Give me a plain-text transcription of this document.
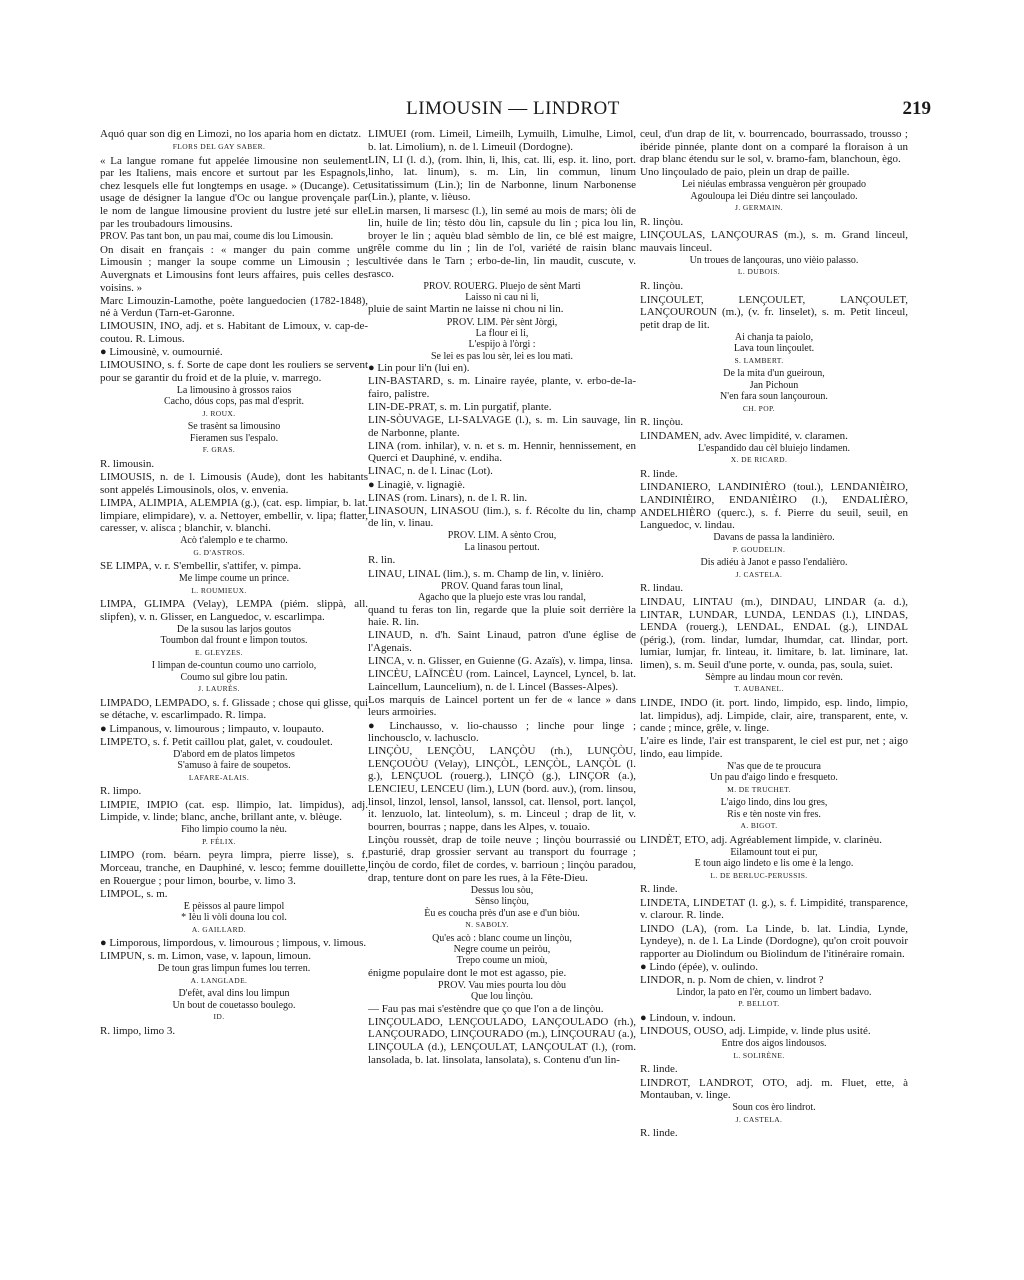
LIMOUSIN — LINDROT	219

Aquó quar son dig en Limozi, no los aparia hom en dictatz.

FLORS DEL GAY SABER.

« La langue romane fut appelée limousine non seulement par les Italiens, mais encore et surtout par les Espagnols, chez lesquels elle fut longtemps en usage. » (Ducange). Cet usage de désigner la langue d'Oc ou langue provençale par le nom de langue limousine provient du lustre jeté sur elle par les troubadours limousins.

PROV. Pas tant bon, un pau mai, coume dis lou Limousin.

On disait en français : « manger du pain comme un Limousin ; manger la soupe comme un Limousin ; les Auvergnats et Limousins font leurs affaires, puis celles des voisins. »

Marc Limouzin-Lamothe, poète languedocien (1782-1848), né à Verdun (Tarn-et-Garonne.

LIMOUSIN, INO, adj. et s. Habitant de Limoux, v. cap-de-coutou. R. Limous.

● Limousinè, v. oumournié.

LIMOUSINO, s. f. Sorte de cape dont les rouliers se servent pour se garantir du froid et de la pluie, v. marrego.

La limousino à grossos raios

Cacho, dóus cops, pas mal d'esprit.

J. ROUX.

Se trasènt sa limousino

Fieramen sus l'espalo.

F. GRAS.

R. limousin.

LIMOUSIS, n. de l. Limousis (Aude), dont les habitants sont appelés Limousinols, olos, v. envenia.

LIMPA, ALIMPIA, ALEMPIA (g.), (cat. esp. limpiar, b. lat. limpiare, elimpidare), v. a. Nettoyer, embellir, v. lipa; flatter, caresser, v. alisca ; blanchir, v. blanchi.

Acò t'alemplo e te charmo.

G. D'ASTROS.

SE LIMPA, v. r. S'embellir, s'attifer, v. pimpa.

Me limpe coume un prince.

L. ROUMIEUX.

LIMPA, GLIMPA (Velay), LEMPA (piém. slippà, all. slipfen), v. n. Glisser, en Languedoc, v. escarlimpa.

De la susou las larjos goutos

Toumbon dal frount e limpon toutos.

E. GLEYZES.

I limpan de-countun coumo uno carriolo,

Coumo sul gibre lou patin.

J. LAURÈS.

LIMPADO, LEMPADO, s. f. Glissade ; chose qui glisse, qui se détache, v. escarlimpado. R. limpa.

● Limpanous, v. limourous ; limpauto, v. loupauto.

LIMPETO, s. f. Petit caillou plat, galet, v. coudoulet.

D'abord em de platos limpetos

S'amuso à faire de soupetos.

LAFARE-ALAIS.

R. limpo.

LIMPIE, IMPIO (cat. esp. llimpio, lat. limpidus), adj. Limpide, v. linde; blanc, anche, brillant ante, v. blèuge.

Fiho limpio coumo la nèu.

P. FÉLIX.

LIMPO (rom. béarn. peyra limpra, pierre lisse), s. f. Morceau, tranche, en Dauphiné, v. lesco; femme douillette, en Rouergue ; pour limon, bourbe, v. limo 3.

LIMPOL, s. m.

E pèissos al paure limpol

* Ièu li vòli douna lou col.

A. GAILLARD.

● Limporous, limpordous, v. limourous ; limpous, v. limous.

LIMPUN, s. m. Limon, vase, v. lapoun, limoun.

De toun gras limpun fumes lou terren.

A. LANGLADE.

D'efèt, aval dins lou limpun

Un bout de couetasso boulego.

ID.

R. limpo, limo 3.

LIMUEI (rom. Limeil, Limeilh, Lymuilh, Limulhe, Limol, b. lat. Limolium), n. de l. Limeuil (Dordogne).

LIN, LI (l. d.), (rom. lhin, li, lhis, cat. lli, esp. it. lino, port. linho, lat. linum), s. m. Lin, lin commun, linum usitatissimum (Lin.); lin de Narbonne, linum Narbonense (Lin.), plante, v. lièuso.

Lin marsen, li marsesc (l.), lin semé au mois de mars; òli de lin, huile de lin; tèsto dòu lin, capsule du lin ; pica lou lin, broyer le lin ; aquèu blad sèmblo de lin, ce blé est maigre, grêle comme du lin ; lin de l'ol, variété de raisin blanc cultivée dans le Tarn ; erbo-de-lin, lin maudit, cuscute, v. rasco.

PROV. ROUERG. Pluejo de sènt Marti

Laisso ni cau ni li,

pluie de saint Martin ne laisse ni chou ni lin.

PROV. LIM. Pèr sènt Jòrgi,

La flour ei li,

L'espijo à l'òrgi :

Se lei es pas lou sèr, lei es lou mati.

● Lin pour li'n (lui en).

LIN-BASTARD, s. m. Linaire rayée, plante, v. erbo-de-la-fairo, palistre.

LIN-DE-PRAT, s. m. Lin purgatif, plante.

LIN-SÒUVAGE, LI-SALVAGE (l.), s. m. Lin sauvage, lin de Narbonne, plante.

LINA (rom. inhilar), v. n. et s. m. Hennir, hennissement, en Querci et Dauphiné, v. endiha.

LINAC, n. de l. Linac (Lot).

● Linagiè, v. lignagiè.

LINAS (rom. Linars), n. de l. R. lin.

LINASOUN, LINASOU (lim.), s. f. Récolte du lin, champ de lin, v. linau.

PROV. LIM. A sènto Crou,

La linasou pertout.

R. lin.

LINAU, LINAL (lim.), s. m. Champ de lin, v. linièro.

PROV. Quand faras toun linal,

Agacho que la pluejo este vras lou randal,

quand tu feras ton lin, regarde que la pluie soit derrière la haie. R. lin.

LINAUD, n. d'h. Saint Linaud, patron d'une église de l'Agenais.

LINCA, v. n. Glisser, en Guienne (G. Azaïs), v. limpa, linsa.

LINCÈU, LAÏNCÈU (rom. Laincel, Layncel, Lyncel, b. lat. Laincellum, Launcelium), n. de l. Lincel (Basses-Alpes).

Los marquis de Laincel portent un fer de « lance » dans leurs armoiries.

● Linchausso, v. lio-chausso ; linche pour linge ; linchousclo, v. lachusclo.

LINÇÒU, LENÇÒU, LANÇÒU (rh.), LUNÇÒU, LENÇOUÒU (Velay), LINÇÒL, LENÇÒL, LANÇÒL (l. g.), LENÇUOL (rouerg.), LINÇÒ (g.), LINÇOR (a.), LENCIEU, LENCEU (lim.), LUN (bord. auv.), (rom. linsou, linsol, linzol, lensol, lansol, lanssol, cat. llensol, port. lançol, it. lenzuolo, lat. linteolum), s. m. Linceul ; drap de lit, v. bourren, bourras ; nappe, dans les Alpes, v. touaio.

Linçòu roussèt, drap de toile neuve ; linçòu bourrassié ou pasturié, drap grossier servant au transport du fourrage ; linçòu de cordo, filet de cordes, v. barrioun ; linçòu paradou, drap, tenture dont on pare les rues, à la Fête-Dieu.

Dessus lou sòu,

Sènso linçòu,

Èu es coucha près d'un ase e d'un biòu.

N. SABOLY.

Qu'es acò : blanc coume un linçòu,

Negre coume un peiròu,

Trepo coume un mioù,

énigme populaire dont le mot est agasso, pie.

PROV. Vau mies pourta lou dòu

Que lou linçòu.

— Fau pas mai s'estèndre que ço que l'on a de linçòu.

LINÇOULADO, LENÇOULADO, LANÇOULADO (rh.), LANÇOURADO, LINÇOURADO (m.), LINÇOURAU (a.), LINÇOULA (d.), LENÇOULAT, LANÇOULAT (l.), (rom. lansolada, b. lat. linsolata, lansolata), s. Contenu d'un lin-

ceul, d'un drap de lit, v. bourrencado, bourrassado, trousso ; ibéride pinnée, plante dont on a comparé la floraison à un drap blanc étendu sur le sol, v. bramo-fam, blanchoun, ègo.

Uno linçoulado de paio, plein un drap de paille.

Lei niéulas embrassa venguèron pèr groupado

Agouloupa lei Diéu dintre sei lançoulado.

J. GERMAIN.

R. linçòu.

LINÇOULAS, LANÇOURAS (m.), s. m. Grand linceul, mauvais linceul.

Un troues de lançouras, uno vièio palasso.

L. DUBOIS.

R. linçòu.

LINÇOULET, LENÇOULET, LANÇOULET, LANÇOUROUN (m.), (v. fr. linselet), s. m. Petit linceul, petit drap de lit.

Ai chanja ta paiolo,

Lava toun linçoulet.

S. LAMBERT.

De la mita d'un gueiroun,

Jan Pichoun

N'en fara soun lançouroun.

CH. POP.

R. linçòu.

LINDAMEN, adv. Avec limpidité, v. claramen.

L'espandido dau cèl bluiejo lindamen.

X. DE RICARD.

R. linde.

LINDANIERO, LANDINIÈRO (toul.), LENDANIÈIRO, LANDINIÈIRO, ENDANIÈIRO (l.), ENDALIÈRO, ANDELHIÈRO (querc.), s. f. Pierre du seuil, seuil, en Languedoc, v. lindau.

Davans de passa la landinièro.

P. GOUDELIN.

Dis adiéu à Janot e passo l'endalièro.

J. CASTELA.

R. lindau.

LINDAU, LINTAU (m.), DINDAU, LINDAR (a. d.), LINTAR, LUNDAR, LUNDA, LENDAS (l.), LINDAS, LENDA (rouerg.), LENDAL, ENDAL (g.), LINDAL (périg.), (rom. lindar, lumdar, lhumdar, cat. llindar, port. lumiar, lumjar, fr. linteau, it. limitare, b. lat. liminare, lat. limen), s. m. Seuil d'une porte, v. ounda, pas, soula, suiet.

Sèmpre au lindau moun cor revèn.

T. AUBANEL.

LINDE, INDO (it. port. lindo, limpido, esp. lindo, limpio, lat. limpidus), adj. Limpide, clair, aire, transparent, ente, v. cande ; mince, grêle, v. linge.

L'aire es linde, l'air est transparent, le ciel est pur, net ; aigo lindo, eau limpide.

N'as que de te proucura

Un pau d'aigo lindo e fresqueto.

M. DE TRUCHET.

L'aigo lindo, dins lou gres,

Ris e tèn noste vin fres.

A. BIGOT.

LINDÈT, ETO, adj. Agréablement limpide, v. clarinèu.

Eilamount tout ei pur,

E toun aigo lindeto e lis ome è la lengo.

L. DE BERLUC-PERUSSIS.

R. linde.

LINDETA, LINDETAT (l. g.), s. f. Limpidité, transparence, v. clarour. R. linde.

LINDO (LA), (rom. La Linde, b. lat. Lindia, Lynde, Lyndeye), n. de l. La Linde (Dordogne), qu'on croit pouvoir rapporter au Diolindum ou Biolindum de l'itinéraire romain.

● Lindo (épée), v. oulindo.

LINDOR, n. p. Nom de chien, v. lindrot ?

Lindor, la pato en l'èr, coumo un limbert badavo.

P. BELLOT.

● Lindoun, v. indoun.

LINDOUS, OUSO, adj. Limpide, v. linde plus usité.

Entre dos aigos lindousos.

L. SOLIRÈNE.

R. linde.

LINDROT, LANDROT, OTO, adj. m. Fluet, ette, à Montauban, v. linge.

Soun cos èro lindrot.

J. CASTELA.

R. linde.
